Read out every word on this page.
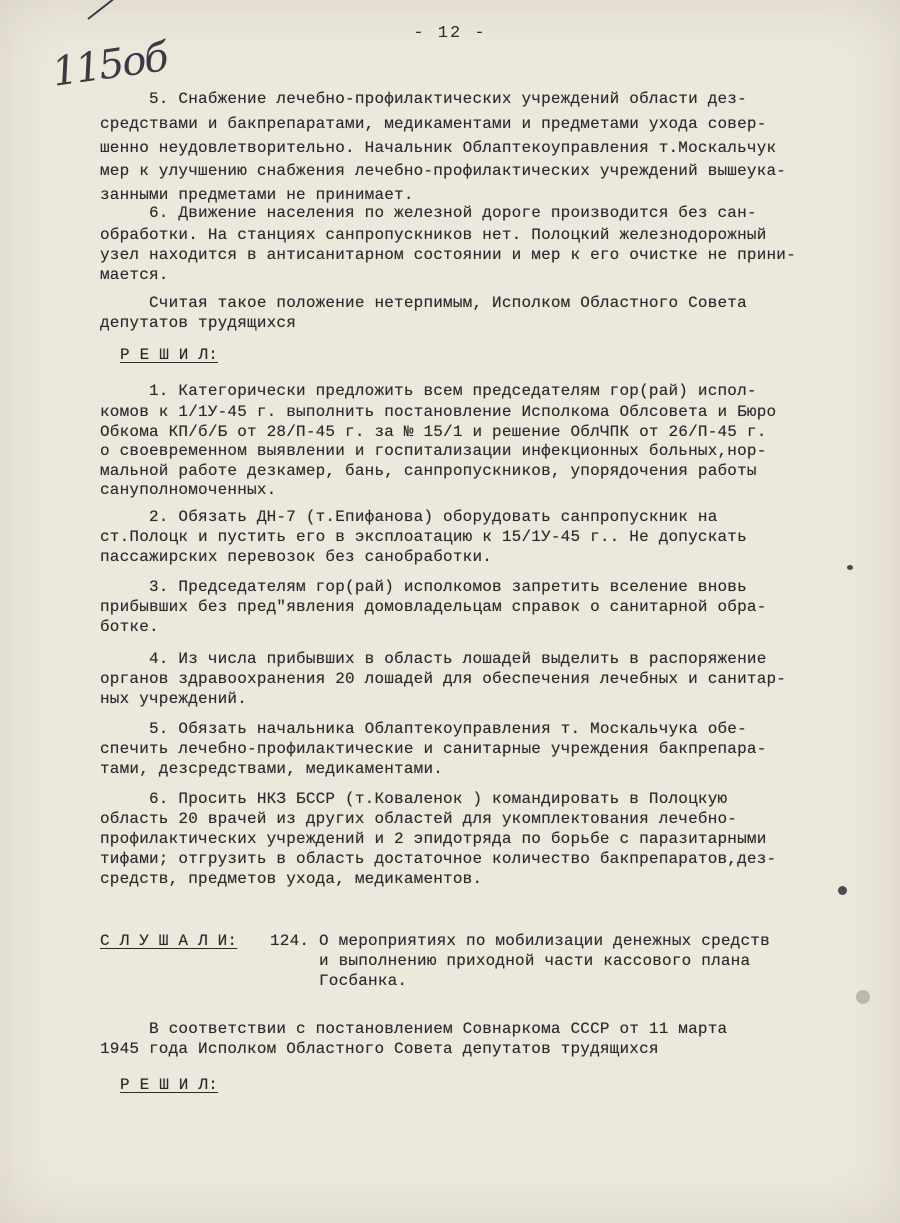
115об
- 12 -
5. Снабжение лечебно-профилактических учреждений области дез-
средствами и бакпрепаратами, медикаментами и предметами ухода совер-
шенно неудовлетворительно. Начальник Облаптекоуправления т.Москальчук
мер к улучшению снабжения лечебно-профилактических учреждений вышеука-
занными предметами не принимает.
6. Движение населения по железной дороге производится без сан-
обработки. На станциях санпропускников нет. Полоцкий железнодорожный
узел находится в антисанитарном состоянии и мер к его очистке не прини-
мается.
Считая такое положение нетерпимым, Исполком Областного Совета
депутатов трудящихся
Р Е Ш И Л:
1. Категорически предложить всем председателям гор(рай) испол-
комов к 1/1У-45 г. выполнить постановление Исполкома Облсовета и Бюро
Обкома КП/б/Б от 28/П-45 г. за № 15/1 и решение ОблЧПК от 26/П-45 г.
о своевременном выявлении и госпитализации инфекционных больных,нор-
мальной работе дезкамер, бань, санпропускников, упорядочения работы
сануполномоченных.
2. Обязать ДН-7 (т.Епифанова) оборудовать санпропускник на
ст.Полоцк и пустить его в эксплоатацию к 15/1У-45 г.. Не допускать
пассажирских перевозок без санобработки.
3. Председателям гор(рай) исполкомов запретить вселение вновь
прибывших без пред"явления домовладельцам справок о санитарной обра-
ботке.
4. Из числа прибывших в область лошадей выделить в распоряжение
органов здравоохранения 20 лошадей для обеспечения лечебных и санитар-
ных учреждений.
5. Обязать начальника Облаптекоуправления т. Москальчука обе-
спечить лечебно-профилактические и санитарные учреждения бакпрепара-
тами, дезсредствами, медикаментами.
6. Просить НКЗ БССР (т.Коваленок ) командировать в Полоцкую
область 20 врачей из других областей для укомплектования лечебно-
профилактических учреждений и 2 эпидотряда по борьбе с паразитарными
тифами; отгрузить в область достаточное количество бакпрепаратов,дез-
средств, предметов ухода, медикаментов.
С Л У Ш А Л И: 124. О мероприятиях по мобилизации денежных средств
и выполнению приходной части кассового плана
Госбанка.
В соответствии с постановлением Совнаркома СССР от 11 марта
1945 года Исполком Областного Совета депутатов трудящихся
Р Е Ш И Л:
